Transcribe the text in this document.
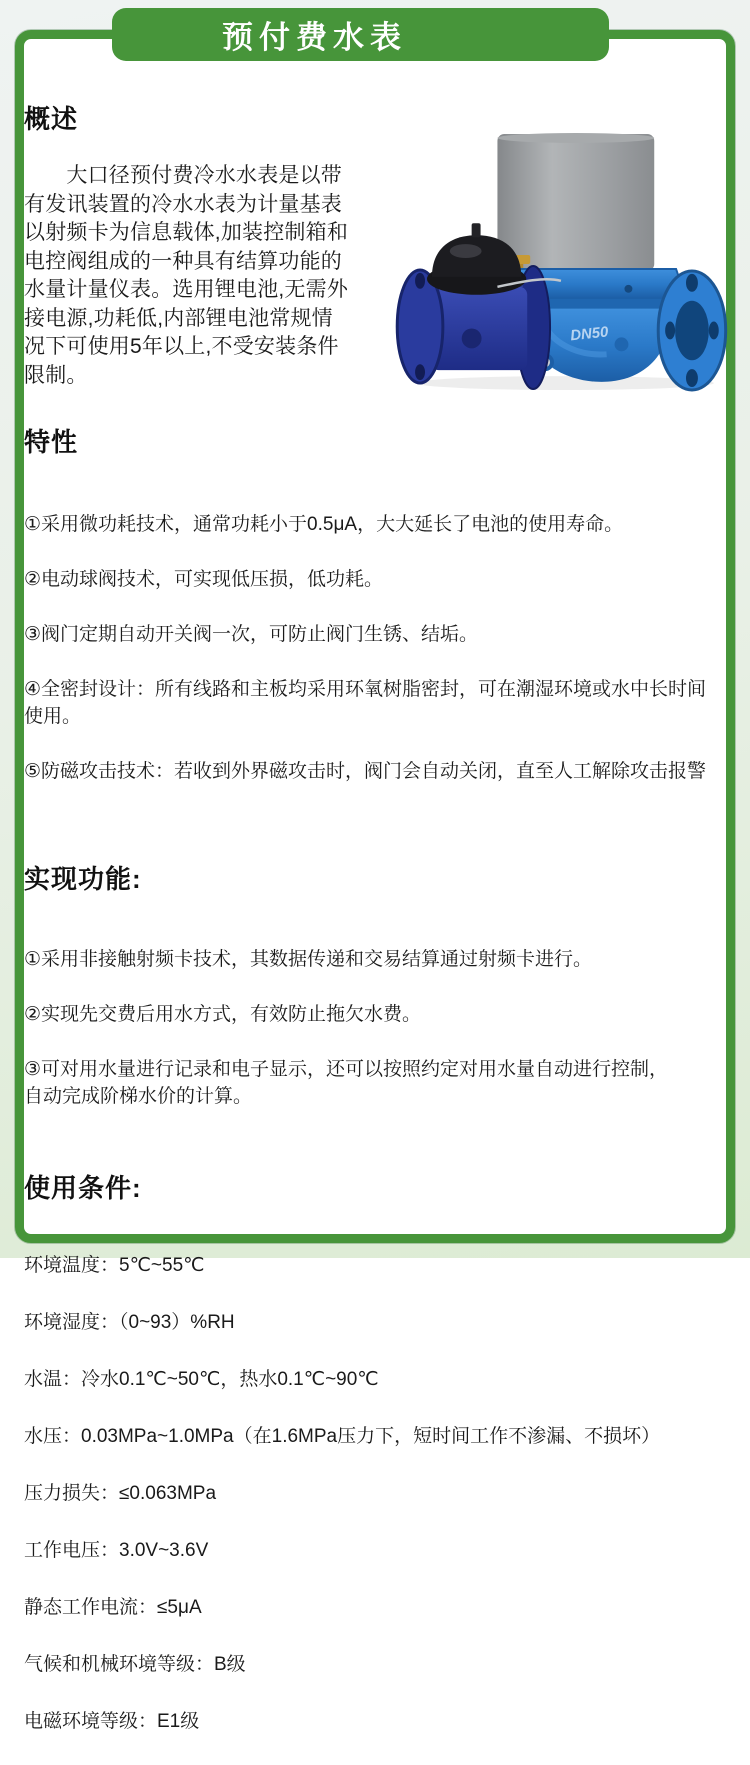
预付费水表
概述
　　大口径预付费冷水水表是以带
有发讯装置的冷水水表为计量基表
以射频卡为信息载体,加装控制箱和
电控阀组成的一种具有结算功能的
水量计量仪表。选用锂电池,无需外
接电源,功耗低,内部锂电池常规情
况下可使用5年以上,不受安装条件
限制。
DN50
特性

①采用微功耗技术，通常功耗小于0.5μA，大大延长了电池的使用寿命。

②电动球阀技术，可实现低压损，低功耗。

③阀门定期自动开关阀一次，可防止阀门生锈、结垢。

④全密封设计：所有线路和主板均采用环氧树脂密封，可在潮湿环境或水中长时间
使用。

⑤防磁攻击技术：若收到外界磁攻击时，阀门会自动关闭，直至人工解除攻击报警

实现功能:

①采用非接触射频卡技术，其数据传递和交易结算通过射频卡进行。

②实现先交费后用水方式，有效防止拖欠水费。

③可对用水量进行记录和电子显示，还可以按照约定对用水量自动进行控制，
自动完成阶梯水价的计算。

使用条件:

环境温度：5℃~55℃

环境湿度：（0~93）%RH

水温：冷水0.1℃~50℃，热水0.1℃~90℃

水压：0.03MPa~1.0MPa（在1.6MPa压力下，短时间工作不渗漏、不损坏）

压力损失：≤0.063MPa

工作电压：3.0V~3.6V

静态工作电流：≤5μA

气候和机械环境等级：B级

电磁环境等级：E1级
